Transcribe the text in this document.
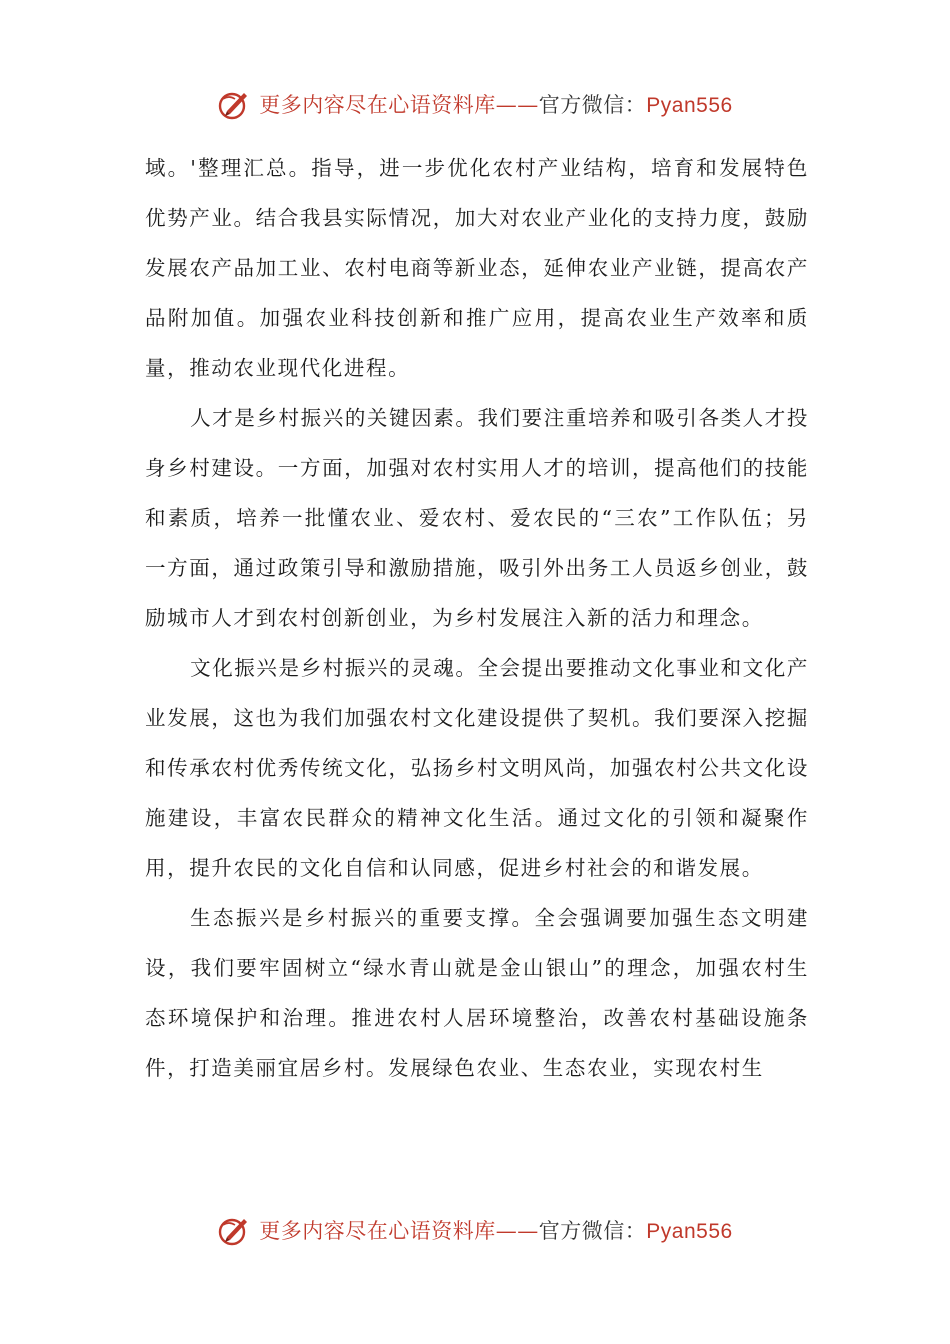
更多内容尽在心语资料库——官方微信：Pyan556

域。'整理汇总。指导，进一步优化农村产业结构，培育和发展特色优势产业。结合我县实际情况，加大对农业产业化的支持力度，鼓励发展农产品加工业、农村电商等新业态，延伸农业产业链，提高农产品附加值。加强农业科技创新和推广应用，提高农业生产效率和质量，推动农业现代化进程。

人才是乡村振兴的关键因素。我们要注重培养和吸引各类人才投身乡村建设。一方面，加强对农村实用人才的培训，提高他们的技能和素质，培养一批懂农业、爱农村、爱农民的“三农”工作队伍；另一方面，通过政策引导和激励措施，吸引外出务工人员返乡创业，鼓励城市人才到农村创新创业，为乡村发展注入新的活力和理念。

文化振兴是乡村振兴的灵魂。全会提出要推动文化事业和文化产业发展，这也为我们加强农村文化建设提供了契机。我们要深入挖掘和传承农村优秀传统文化，弘扬乡村文明风尚，加强农村公共文化设施建设，丰富农民群众的精神文化生活。通过文化的引领和凝聚作用，提升农民的文化自信和认同感，促进乡村社会的和谐发展。

生态振兴是乡村振兴的重要支撑。全会强调要加强生态文明建设，我们要牢固树立“绿水青山就是金山银山”的理念，加强农村生态环境保护和治理。推进农村人居环境整治，改善农村基础设施条件，打造美丽宜居乡村。发展绿色农业、生态农业，实现农村生

更多内容尽在心语资料库——官方微信：Pyan556
